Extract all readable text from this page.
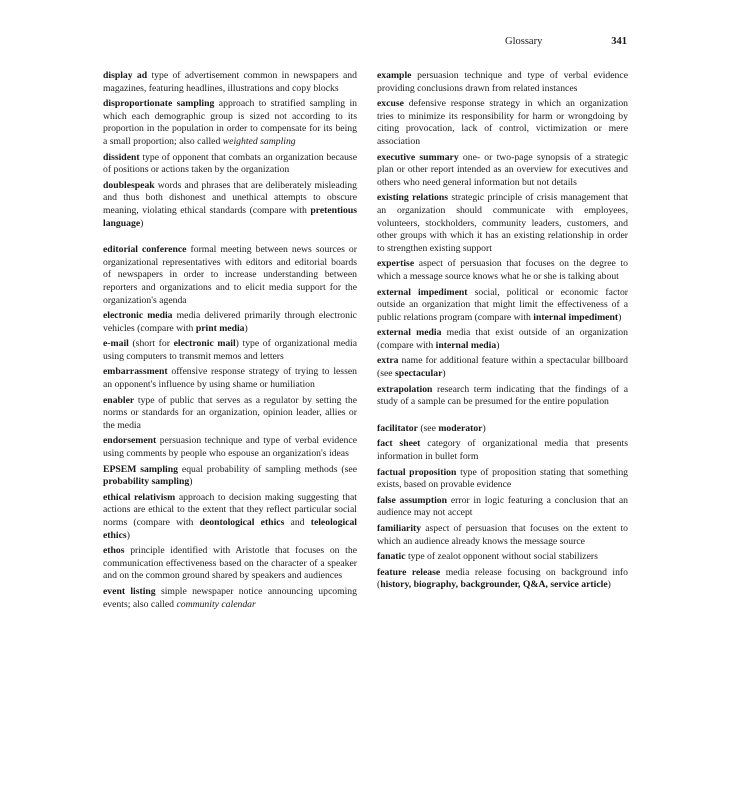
Glossary	341

display ad type of advertisement common in newspapers and magazines, featuring headlines, illustrations and copy blocks

disproportionate sampling approach to stratified sampling in which each demographic group is sized not according to its proportion in the population in order to compensate for its being a small proportion; also called weighted sampling

dissident type of opponent that combats an organization because of positions or actions taken by the organization

doublespeak words and phrases that are deliberately misleading and thus both dishonest and unethical attempts to obscure meaning, violating ethical standards (compare with pretentious language)

editorial conference formal meeting between news sources or organizational representatives with editors and editorial boards of newspapers in order to increase understanding between reporters and organizations and to elicit media support for the organization's agenda

electronic media media delivered primarily through electronic vehicles (compare with print media)

e-mail (short for electronic mail) type of organizational media using computers to transmit memos and letters

embarrassment offensive response strategy of trying to lessen an opponent's influence by using shame or humiliation

enabler type of public that serves as a regulator by setting the norms or standards for an organization, opinion leader, allies or the media

endorsement persuasion technique and type of verbal evidence using comments by people who espouse an organization's ideas

EPSEM sampling equal probability of sampling methods (see probability sampling)

ethical relativism approach to decision making suggesting that actions are ethical to the extent that they reflect particular social norms (compare with deontological ethics and teleological ethics)

ethos principle identified with Aristotle that focuses on the communication effectiveness based on the character of a speaker and on the common ground shared by speakers and audiences

event listing simple newspaper notice announcing upcoming events; also called community calendar

example persuasion technique and type of verbal evidence providing conclusions drawn from related instances

excuse defensive response strategy in which an organization tries to minimize its responsibility for harm or wrongdoing by citing provocation, lack of control, victimization or mere association

executive summary one- or two-page synopsis of a strategic plan or other report intended as an overview for executives and others who need general information but not details

existing relations strategic principle of crisis management that an organization should communicate with employees, volunteers, stockholders, community leaders, customers, and other groups with which it has an existing relationship in order to strengthen existing support

expertise aspect of persuasion that focuses on the degree to which a message source knows what he or she is talking about

external impediment social, political or economic factor outside an organization that might limit the effectiveness of a public relations program (compare with internal impediment)

external media media that exist outside of an organization (compare with internal media)

extra name for additional feature within a spectacular billboard (see spectacular)

extrapolation research term indicating that the findings of a study of a sample can be presumed for the entire population

facilitator (see moderator)

fact sheet category of organizational media that presents information in bullet form

factual proposition type of proposition stating that something exists, based on provable evidence

false assumption error in logic featuring a conclusion that an audience may not accept

familiarity aspect of persuasion that focuses on the extent to which an audience already knows the message source

fanatic type of zealot opponent without social stabilizers

feature release media release focusing on background info (history, biography, backgrounder, Q&A, service article)
